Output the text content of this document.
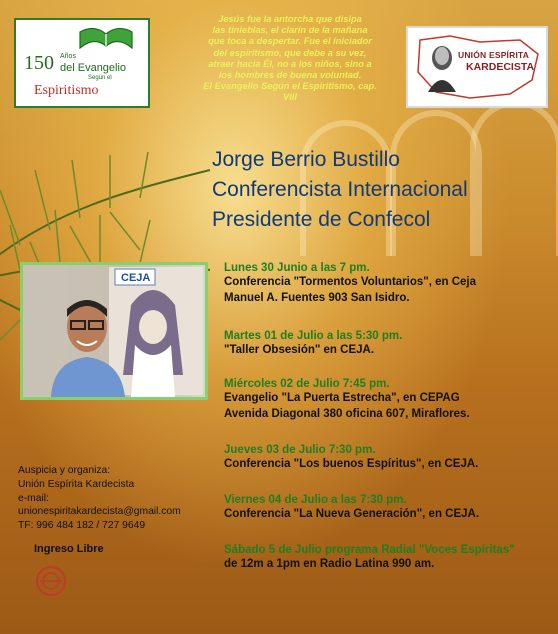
150 Años
del Evangelio
Según el
Espiritismo
Jesús fue la antorcha que disipa
las tinieblas, el clarín de la mañana
que toca a despertar. Fue el iniciador
del espiritismo, que debe a su vez,
atraer hacia Él, no a los niños, sino a
los hombres de buena voluntad.
El Evangelio Según el Espiritismo, cap. VIII
UNIÓN ESPÍRITA
KARDECISTA
Jorge Berrio Bustillo
Conferencista Internacional
Presidente de Confecol
CEJA
Lunes 30 Junio a las 7 pm.
Conferencia "Tormentos Voluntarios", en Ceja
Manuel A. Fuentes 903 San Isidro.
Martes 01 de Julio a las 5:30 pm.
"Taller Obsesión" en CEJA.
Miércoles 02 de Julio 7:45 pm.
Evangelio "La Puerta Estrecha", en CEPAG
Avenida Diagonal 380 oficina 607, Miraflores.
Jueves 03 de Julio 7:30 pm.
Conferencia "Los buenos Espíritus", en CEJA.
Viernes 04 de Julio a las 7:30 pm.
Conferencia "La Nueva Generación", en CEJA.
Sábado 5 de Julio programa Radial "Voces Espíritas"
de 12m a 1pm en Radio Latina 990 am.
Auspicia y organiza:
Unión Espírita Kardecista
e-mail:
unionespiritakardecista@gmail.com
TF: 996 484 182 / 727 9649
Ingreso Libre
